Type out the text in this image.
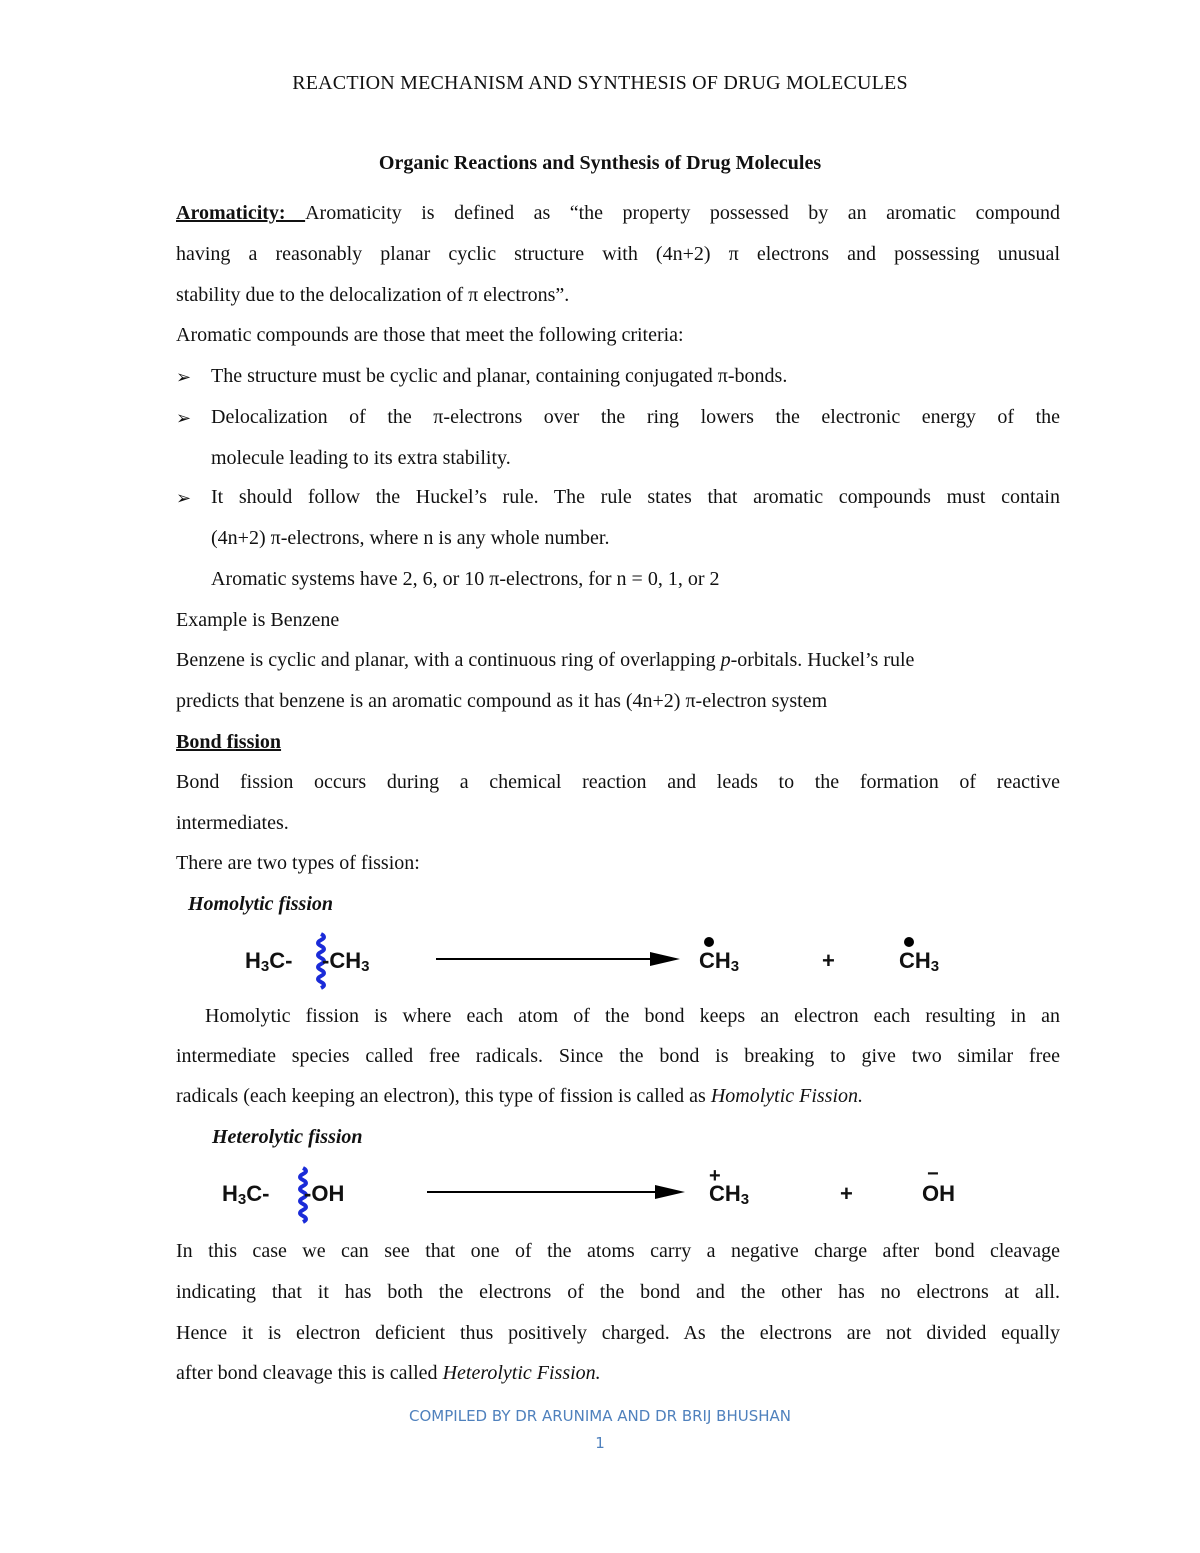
REACTION MECHANISM AND SYNTHESIS OF DRUG MOLECULES
Organic Reactions and Synthesis of Drug Molecules
Aromaticity: Aromaticity is defined as “the property possessed by an aromatic compound
having a reasonably planar cyclic structure with (4n+2) π electrons and possessing unusual
stability due to the delocalization of π electrons”.
Aromatic compounds are those that meet the following criteria:
➢ The structure must be cyclic and planar, containing conjugated π-bonds.
➢ Delocalization of the π-electrons over the ring lowers the electronic energy of the
molecule leading to its extra stability.
➢ It should follow the Huckel’s rule. The rule states that aromatic compounds must contain
(4n+2) π-electrons, where n is any whole number.
Aromatic systems have 2, 6, or 10 π-electrons, for n = 0, 1, or 2
Example is Benzene
Benzene is cyclic and planar, with a continuous ring of overlapping p-orbitals. Huckel’s rule
predicts that benzene is an aromatic compound as it has (4n+2) π-electron system
Bond fission
Bond fission occurs during a chemical reaction and leads to the formation of reactive
intermediates.
There are two types of fission:
Homolytic fission
$H_3C-$ $-CH_3$	$CH_3$	+	$CH_3$
Homolytic fission is where each atom of the bond keeps an electron each resulting in an
intermediate species called free radicals. Since the bond is breaking to give two similar free
radicals (each keeping an electron), this type of fission is called as Homolytic Fission.
Heterolytic fission
$H_3C-$ -OH
+
$CH_3$	+
−
OH
In this case we can see that one of the atoms carry a negative charge after bond cleavage
indicating that it has both the electrons of the bond and the other has no electrons at all.
Hence it is electron deficient thus positively charged. As the electrons are not divided equally
after bond cleavage this is called Heterolytic Fission.
COMPILED BY DR ARUNIMA AND DR BRIJ BHUSHAN
1
